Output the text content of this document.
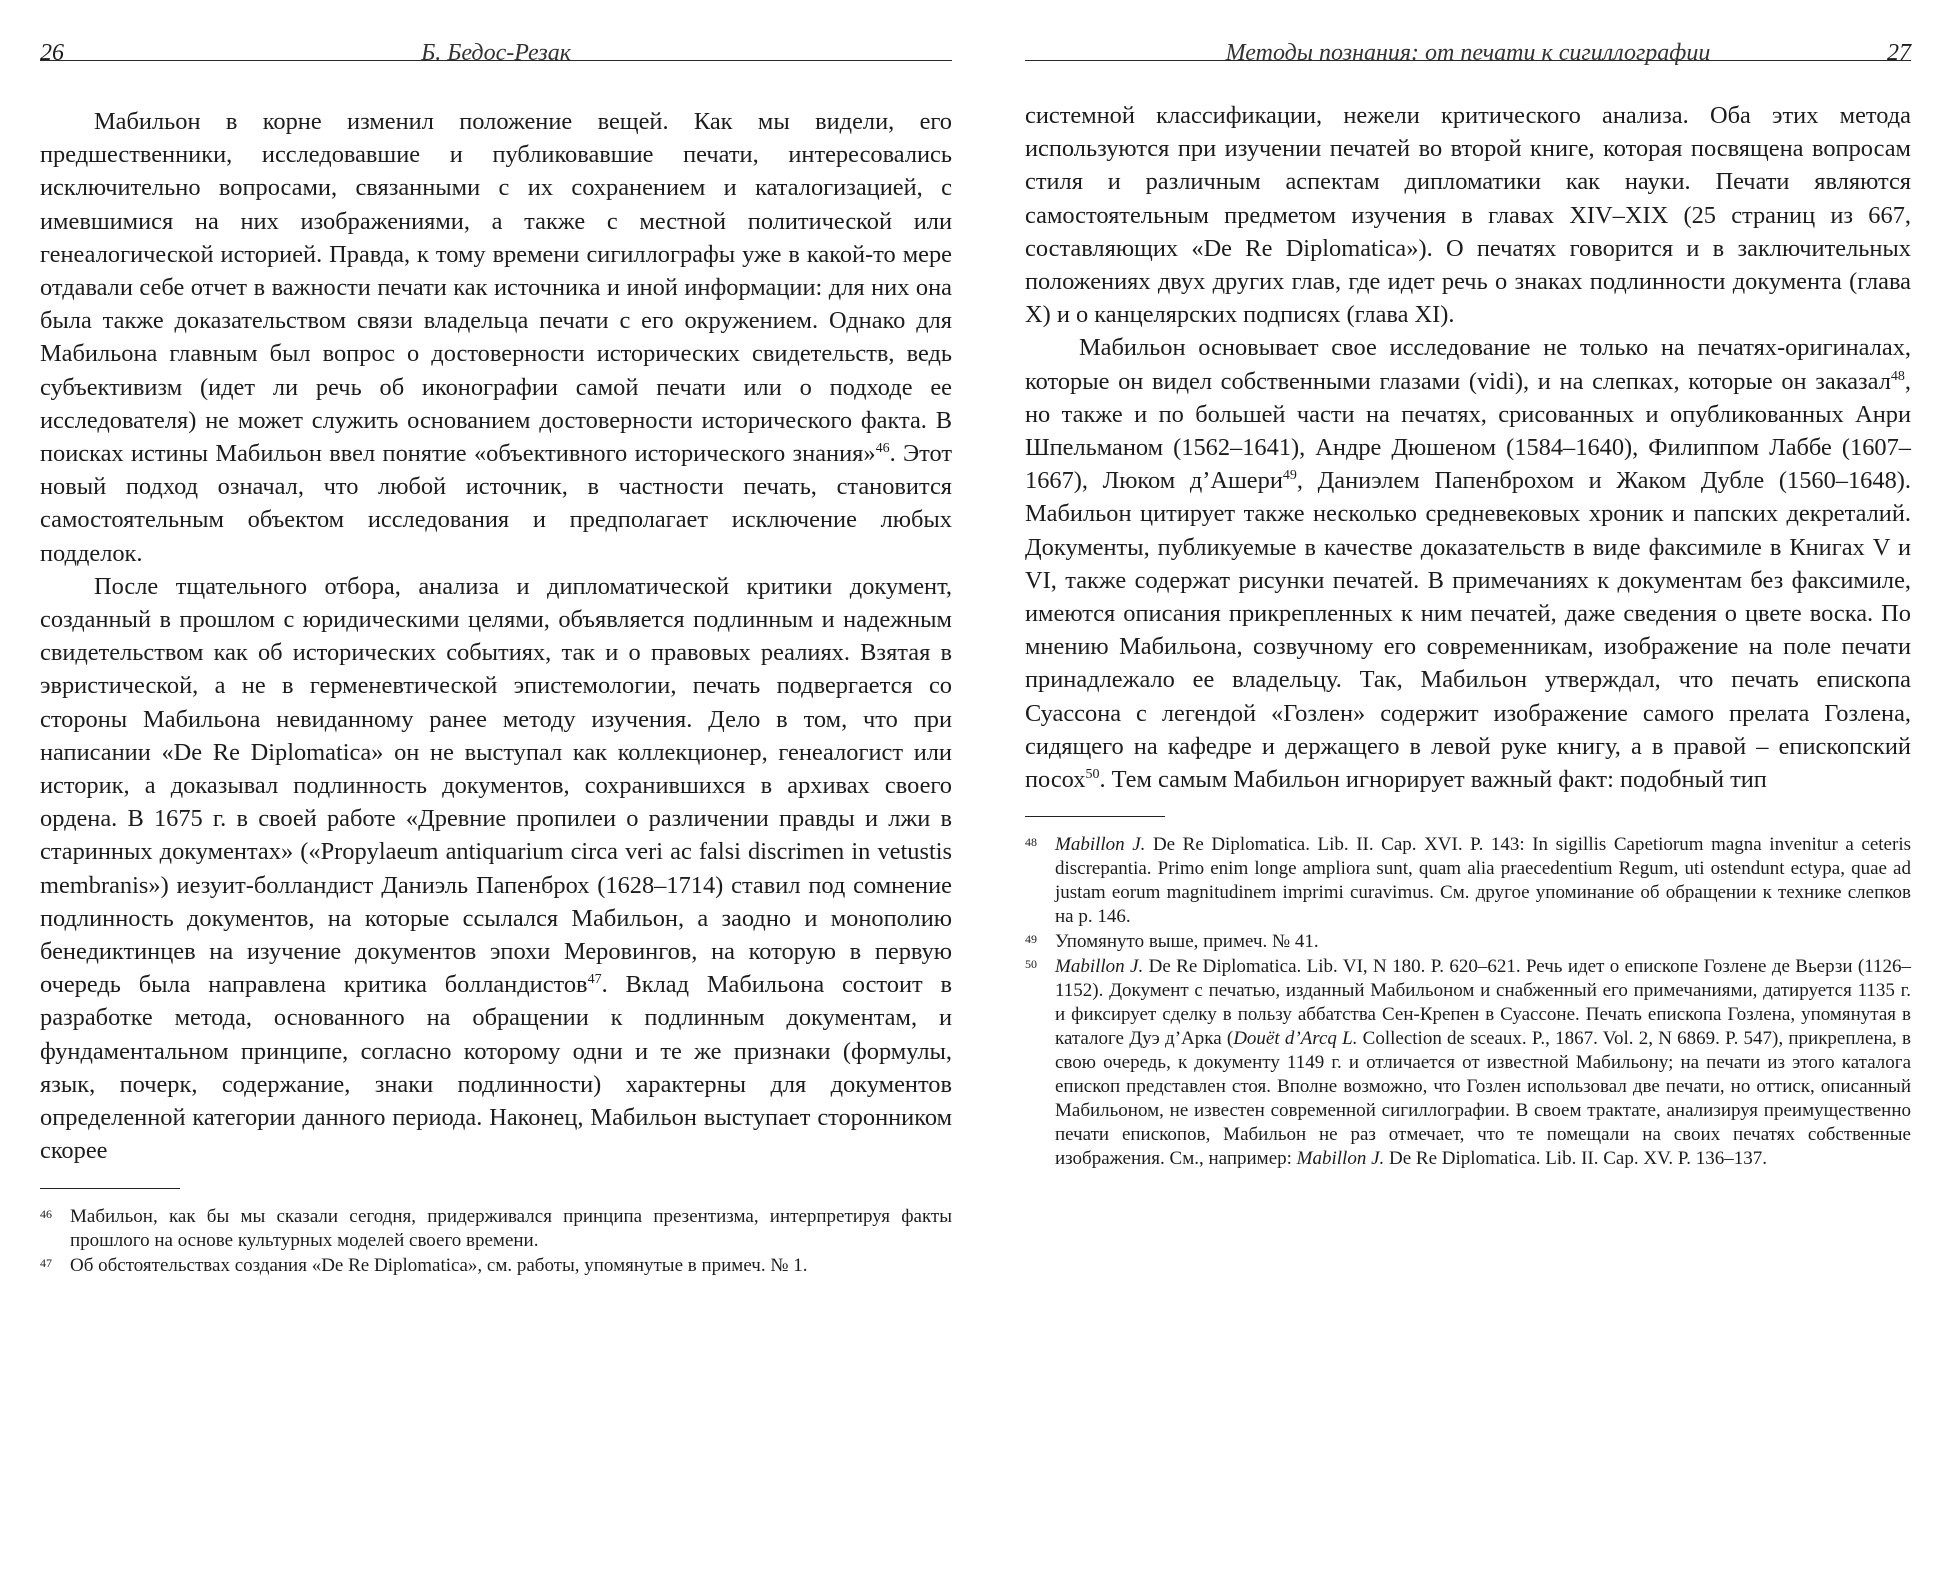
Б. Бедос-Резак
26

Мабильон в корне изменил положение вещей. Как мы видели, его предшественники, исследовавшие и публиковавшие печати, интересовались исключительно вопросами, связанными с их сохранением и каталогизацией, с имевшимися на них изображениями, а также с местной политической или генеалогической историей. Правда, к тому времени сигиллографы уже в какой-то мере отдавали себе отчет в важности печати как источника и иной информации: для них она была также доказательством связи владельца печати с его окружением. Однако для Мабильона главным был вопрос о достоверности исторических свидетельств, ведь субъективизм (идет ли речь об иконографии самой печати или о подходе ее исследователя) не может служить основанием достоверности исторического факта. В поисках истины Мабильон ввел понятие «объективного исторического знания»$^{46}$. Этот новый подход означал, что любой источник, в частности печать, становится самостоятельным объектом исследования и предполагает исключение любых подделок.

После тщательного отбора, анализа и дипломатической критики документ, созданный в прошлом с юридическими целями, объявляется подлинным и надежным свидетельством как об исторических событиях, так и о правовых реалиях. Взятая в эвристической, а не в герменевтической эпистемологии, печать подвергается со стороны Мабильона невиданному ранее методу изучения. Дело в том, что при написании «De Re Diplomatica» он не выступал как коллекционер, генеалогист или историк, а доказывал подлинность документов, сохранившихся в архивах своего ордена. В 1675 г. в своей работе «Древние пропилеи о различении правды и лжи в старинных документах» («Propylaeum antiquarium circa veri ac falsi discrimen in vetustis membranis») иезуит-болландист Даниэль Папенброх (1628–1714) ставил под сомнение подлинность документов, на которые ссылался Мабильон, а заодно и монополию бенедиктинцев на изучение документов эпохи Меровингов, на которую в первую очередь была направлена критика болландистов$^{47}$. Вклад Мабильона состоит в разработке метода, основанного на обращении к подлинным документам, и фундаментальном принципе, согласно которому одни и те же признаки (формулы, язык, почерк, содержание, знаки подлинности) характерны для документов определенной категории данного периода. Наконец, Мабильон выступает сторонником скорее

46 Мабильон, как бы мы сказали сегодня, придерживался принципа презентизма, интерпретируя факты прошлого на основе культурных моделей своего времени.
47 Об обстоятельствах создания «De Re Diplomatica», см. работы, упомянутые в примеч. № 1.
Методы познания: от печати к сигиллографии	27

системной классификации, нежели критического анализа. Оба этих метода используются при изучении печатей во второй книге, которая посвящена вопросам стиля и различным аспектам дипломатики как науки. Печати являются самостоятельным предметом изучения в главах XIV–XIX (25 страниц из 667, составляющих «De Re Diplomatica»). О печатях говорится и в заключительных положениях двух других глав, где идет речь о знаках подлинности документа (глава X) и о канцелярских подписях (глава XI).

Мабильон основывает свое исследование не только на печатях-оригиналах, которые он видел собственными глазами (vidi), и на слепках, которые он заказал$^{48}$, но также и по большей части на печатях, срисованных и опубликованных Анри Шпельманом (1562–1641), Андре Дюшеном (1584–1640), Филиппом Лаббе (1607–1667), Люком д’Ашери$^{49}$, Даниэлем Папенброхом и Жаком Дубле (1560–1648). Мабильон цитирует также несколько средневековых хроник и папских декреталий. Документы, публикуемые в качестве доказательств в виде факсимиле в Книгах V и VI, также содержат рисунки печатей. В примечаниях к документам без факсимиле, имеются описания прикрепленных к ним печатей, даже сведения о цвете воска. По мнению Мабильона, созвучному его современникам, изображение на поле печати принадлежало ее владельцу. Так, Мабильон утверждал, что печать епископа Суассона с легендой «Гозлен» содержит изображение самого прелата Гозлена, сидящего на кафедре и держащего в левой руке книгу, а в правой – епископский посох$^{50}$. Тем самым Мабильон игнорирует важный факт: подобный тип

48 Mabillon J. De Re Diplomatica. Lib. II. Cap. XVI. P. 143: In sigillis Capetiorum magna invenitur a ceteris discrepantia. Primo enim longe ampliora sunt, quam alia praecedentium Regum, uti ostendunt ectypa, quae ad justam eorum magnitudinem imprimi curavimus. См. другое упоминание об обращении к технике слепков на р. 146.
49 Упомянуто выше, примеч. № 41.
50 Mabillon J. De Re Diplomatica. Lib. VI, N 180. P. 620–621. Речь идет о епископе Гозлене де Вьерзи (1126–1152). Документ с печатью, изданный Мабильоном и снабженный его примечаниями, датируется 1135 г. и фиксирует сделку в пользу аббатства Сен-Крепен в Суассоне. Печать епископа Гозлена, упомянутая в каталоге Дуэ д’Арка (Douët d’Arcq L. Collection de sceaux. P., 1867. Vol. 2, N 6869. P. 547), прикреплена, в свою очередь, к документу 1149 г. и отличается от известной Мабильону; на печати из этого каталога епископ представлен стоя. Вполне возможно, что Гозлен использовал две печати, но оттиск, описанный Мабильоном, не известен современной сигиллографии. В своем трактате, анализируя преимущественно печати епископов, Мабильон не раз отмечает, что те помещали на своих печатях собственные изображения. См., например: Mabillon J. De Re Diplomatica. Lib. II. Cap. XV. P. 136–137.
